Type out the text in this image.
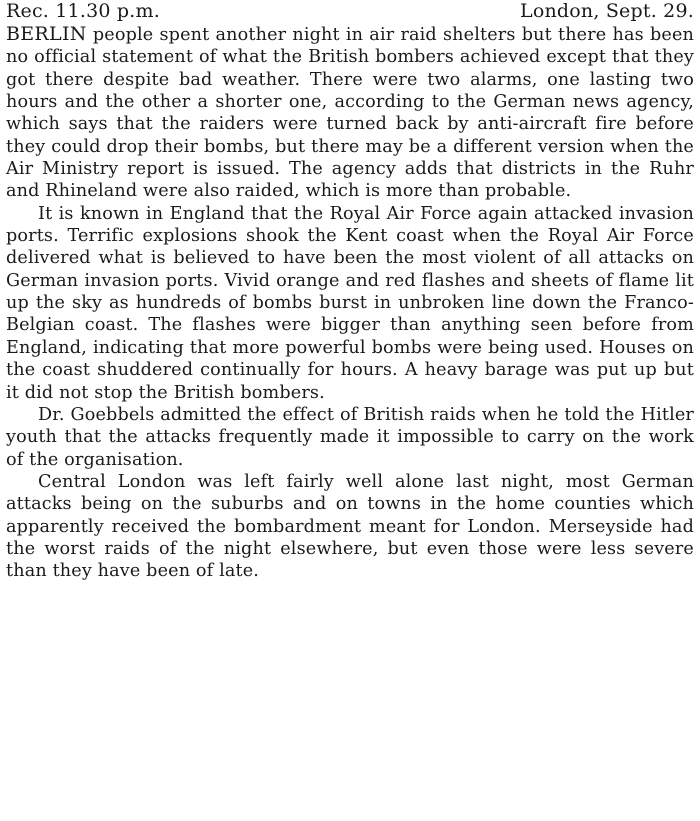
Rec. 11.30 p.m.	London, Sept. 29.

BERLIN people spent another night in air raid shelters but there has been no official statement of what the British bombers achieved except that they got there despite bad weather. There were two alarms, one lasting two hours and the other a shorter one, according to the German news agency, which says that the raiders were turned back by anti-aircraft fire before they could drop their bombs, but there may be a different version when the Air Ministry report is issued. The agency adds that districts in the Ruhr and Rhineland were also raided, which is more than probable.

It is known in England that the Royal Air Force again attacked invasion ports. Terrific explosions shook the Kent coast when the Royal Air Force delivered what is believed to have been the most violent of all attacks on German invasion ports. Vivid orange and red flashes and sheets of flame lit up the sky as hundreds of bombs burst in unbroken line down the Franco-Belgian coast. The flashes were bigger than anything seen before from England, indicating that more powerful bombs were being used. Houses on the coast shuddered continually for hours. A heavy barage was put up but it did not stop the British bombers.

Dr. Goebbels admitted the effect of British raids when he told the Hitler youth that the attacks frequently made it impossible to carry on the work of the organisation.

Central London was left fairly well alone last night, most German attacks being on the suburbs and on towns in the home counties which apparently received the bombardment meant for London. Merseyside had the worst raids of the night elsewhere, but even those were less severe than they have been of late.
